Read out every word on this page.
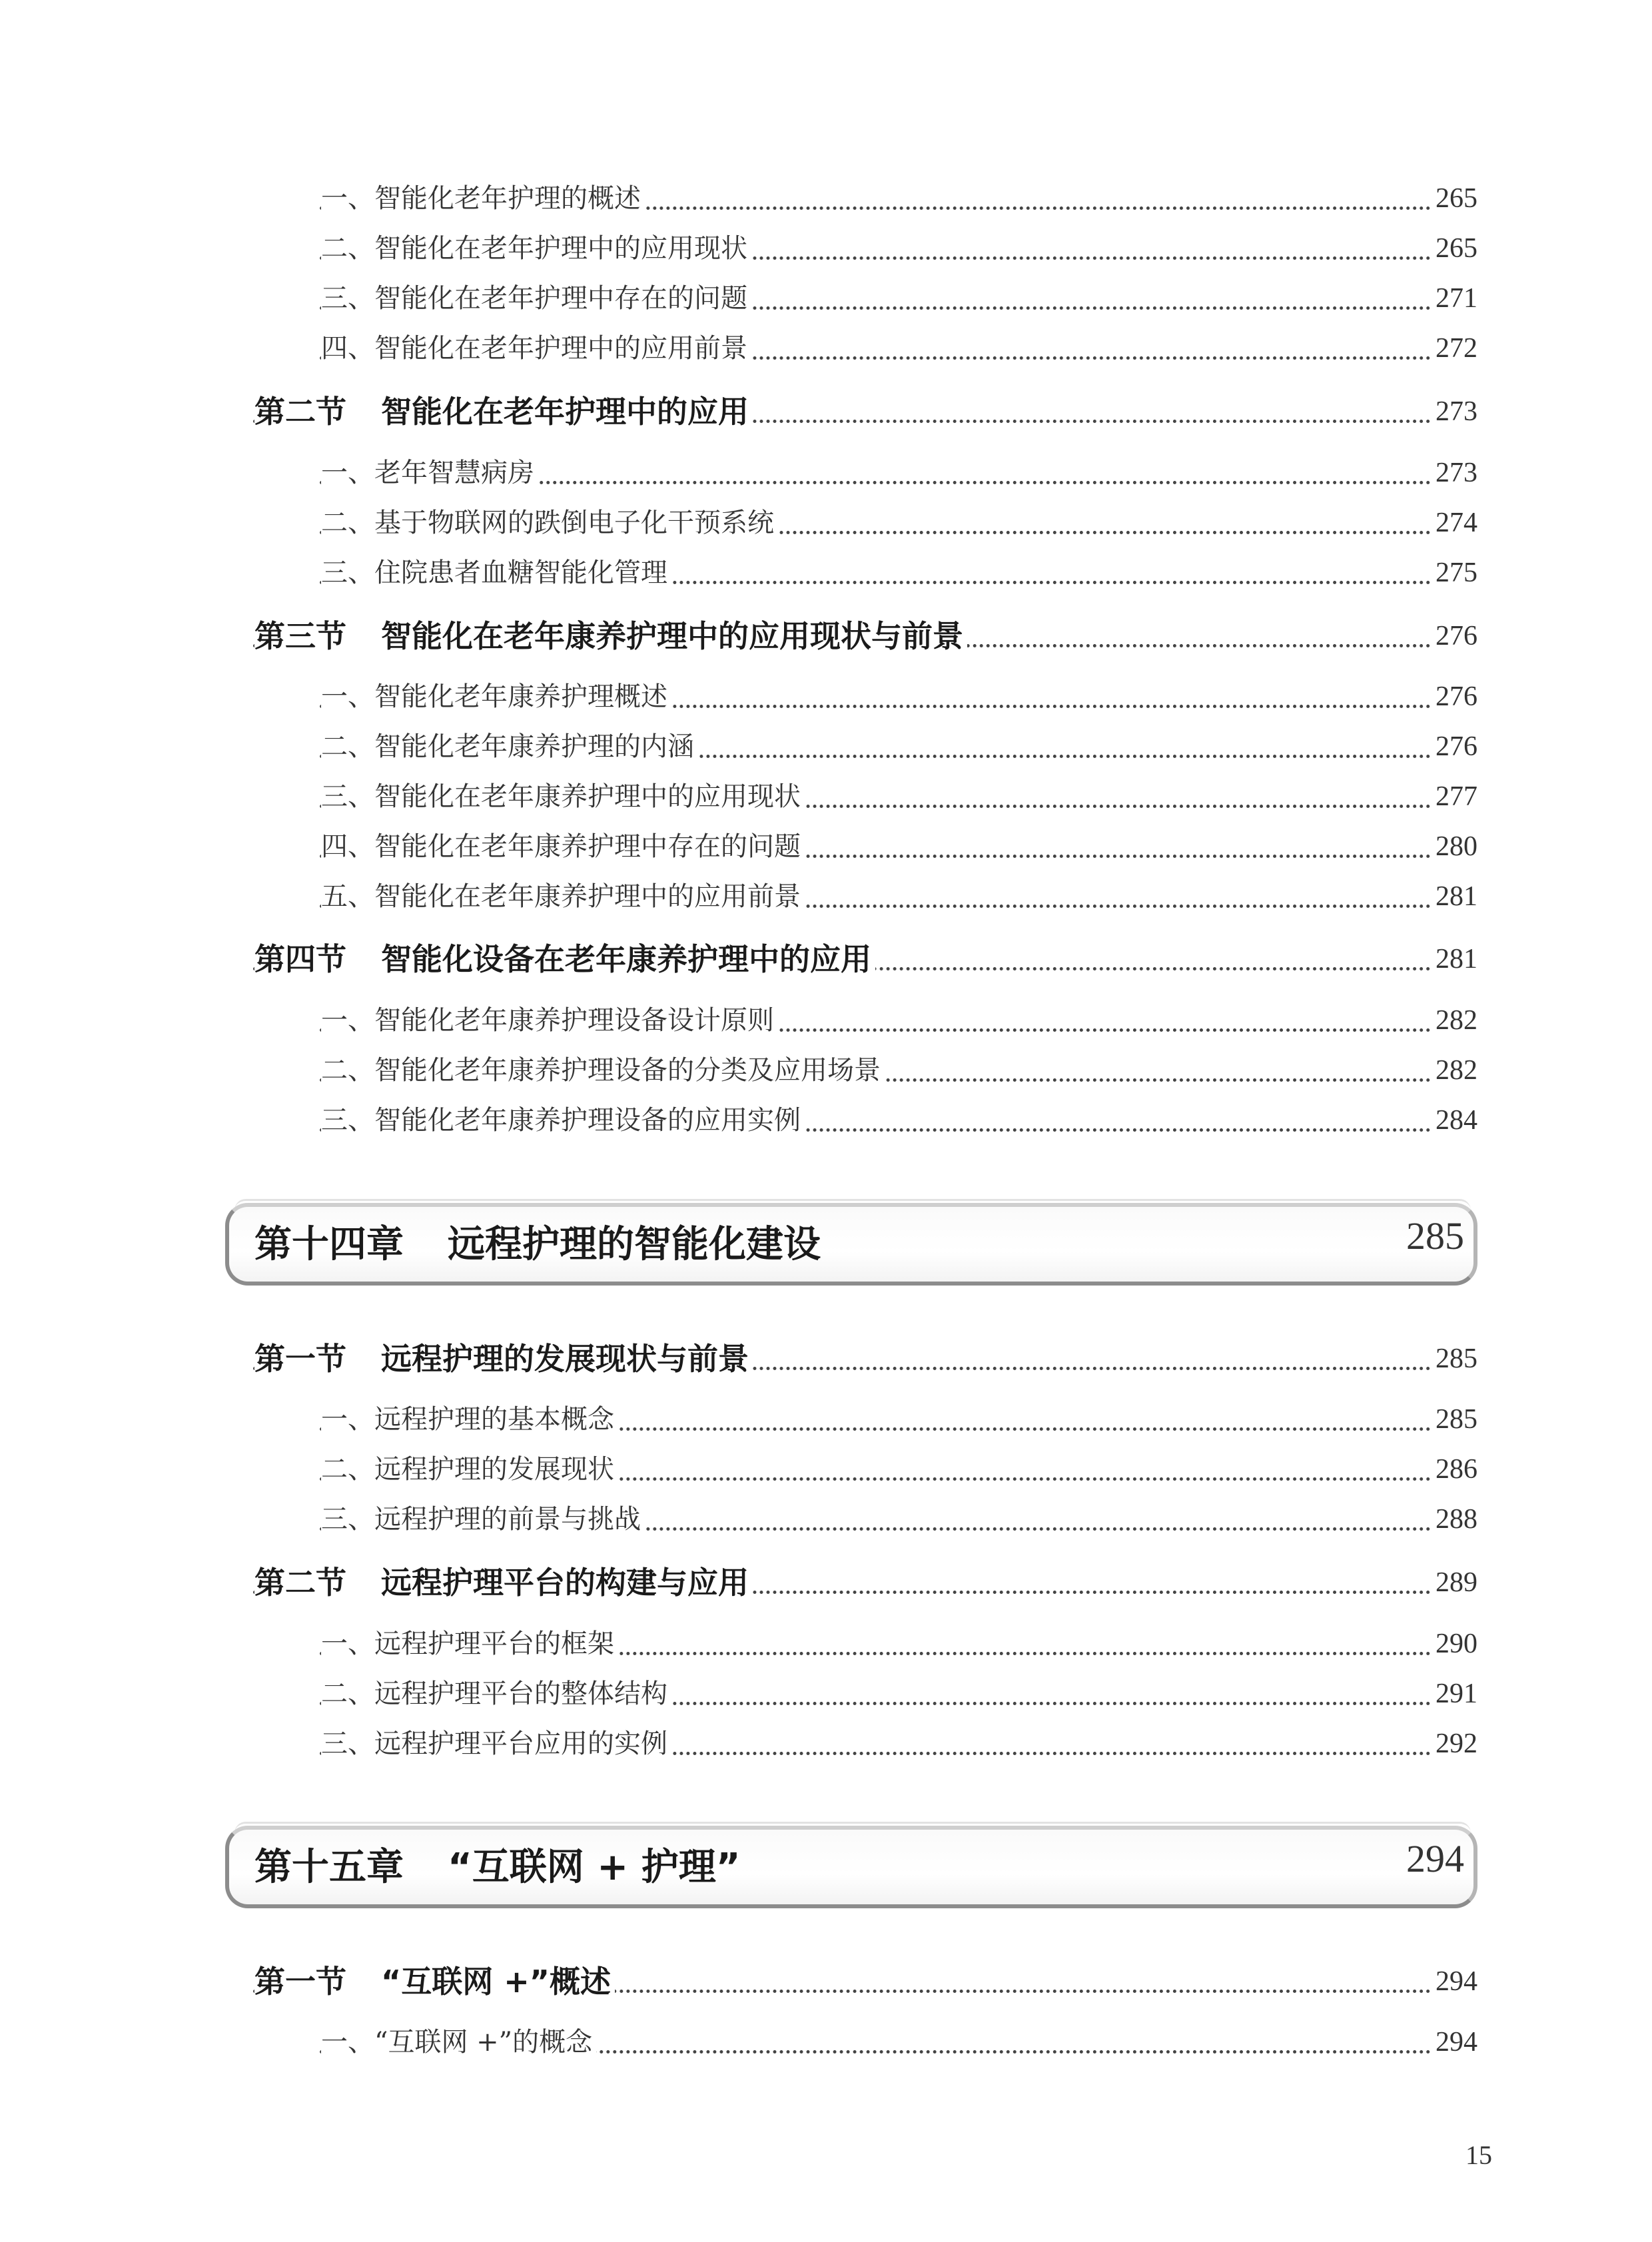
一、智能化老年护理的概述	265
二、智能化在老年护理中的应用现状	265
三、智能化在老年护理中存在的问题	271
四、智能化在老年护理中的应用前景	272
第二节 智能化在老年护理中的应用	273
一、老年智慧病房	273
二、基于物联网的跌倒电子化干预系统	274
三、住院患者血糖智能化管理	275
第三节 智能化在老年康养护理中的应用现状与前景	276
一、智能化老年康养护理概述	276
二、智能化老年康养护理的内涵	276
三、智能化在老年康养护理中的应用现状	277
四、智能化在老年康养护理中存在的问题	280
五、智能化在老年康养护理中的应用前景	281
第四节 智能化设备在老年康养护理中的应用	281
一、智能化老年康养护理设备设计原则	282
二、智能化老年康养护理设备的分类及应用场景	282
三、智能化老年康养护理设备的应用实例	284
第十四章 远程护理的智能化建设	285
第一节 远程护理的发展现状与前景	285
一、远程护理的基本概念	285
二、远程护理的发展现状	286
三、远程护理的前景与挑战	288
第二节 远程护理平台的构建与应用	289
一、远程护理平台的框架	290
二、远程护理平台的整体结构	291
三、远程护理平台应用的实例	292
第十五章 “互联网 + 护理”	294
第一节 “互联网 +”概述	294
一、“互联网 +”的概念	294
15
